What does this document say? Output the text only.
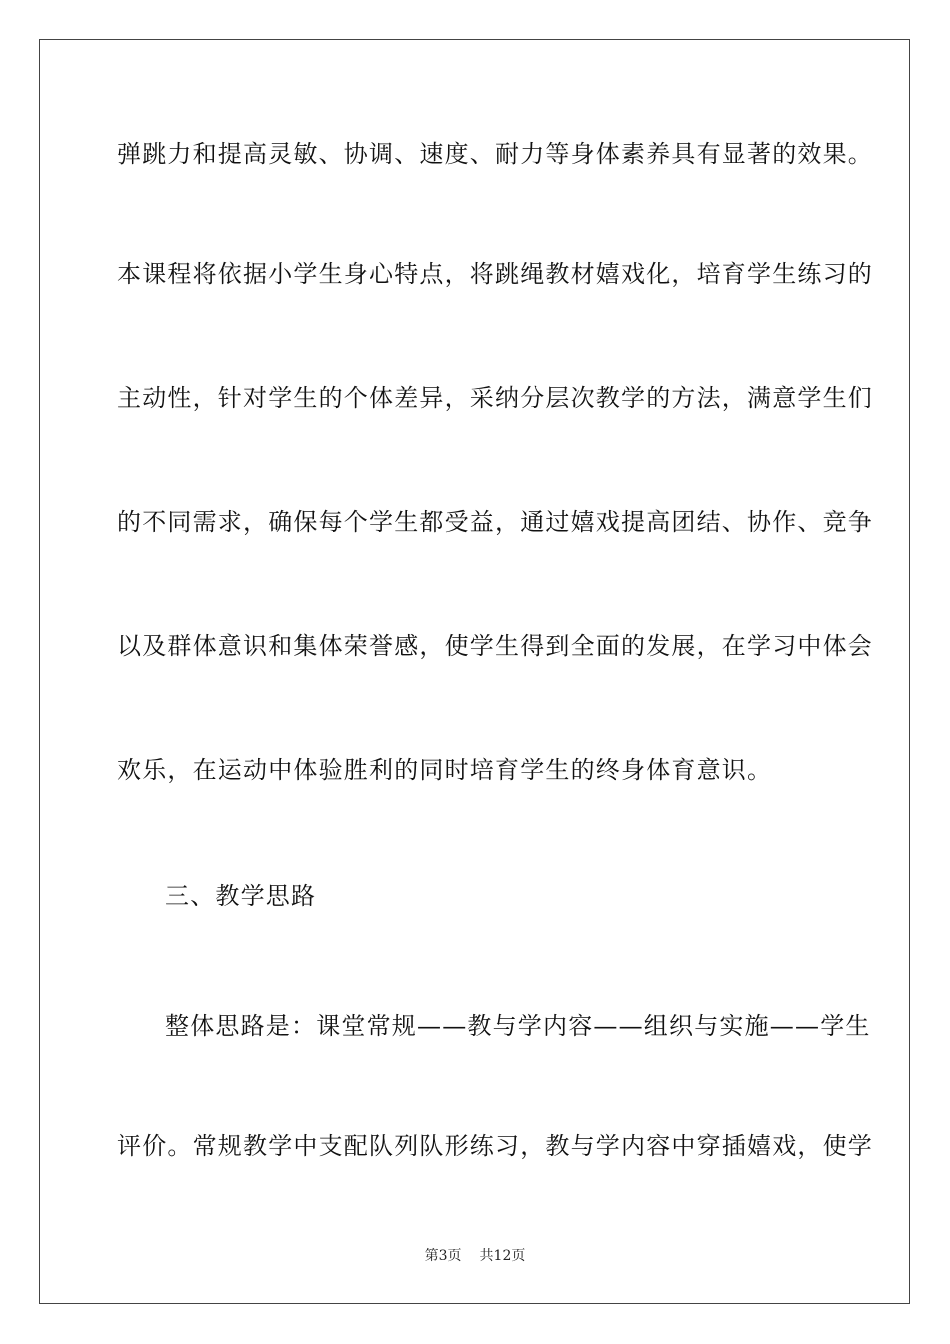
弹跳力和提高灵敏、协调、速度、耐力等身体素养具有显著的效果。
本课程将依据小学生身心特点，将跳绳教材嬉戏化，培育学生练习的
主动性，针对学生的个体差异，采纳分层次教学的方法，满意学生们
的不同需求，确保每个学生都受益，通过嬉戏提高团结、协作、竞争
以及群体意识和集体荣誉感，使学生得到全面的发展，在学习中体会
欢乐，在运动中体验胜利的同时培育学生的终身体育意识。
三、教学思路
整体思路是：课堂常规——教与学内容——组织与实施——学生
评价。常规教学中支配队列队形练习，教与学内容中穿插嬉戏，使学
第3页 共12页
